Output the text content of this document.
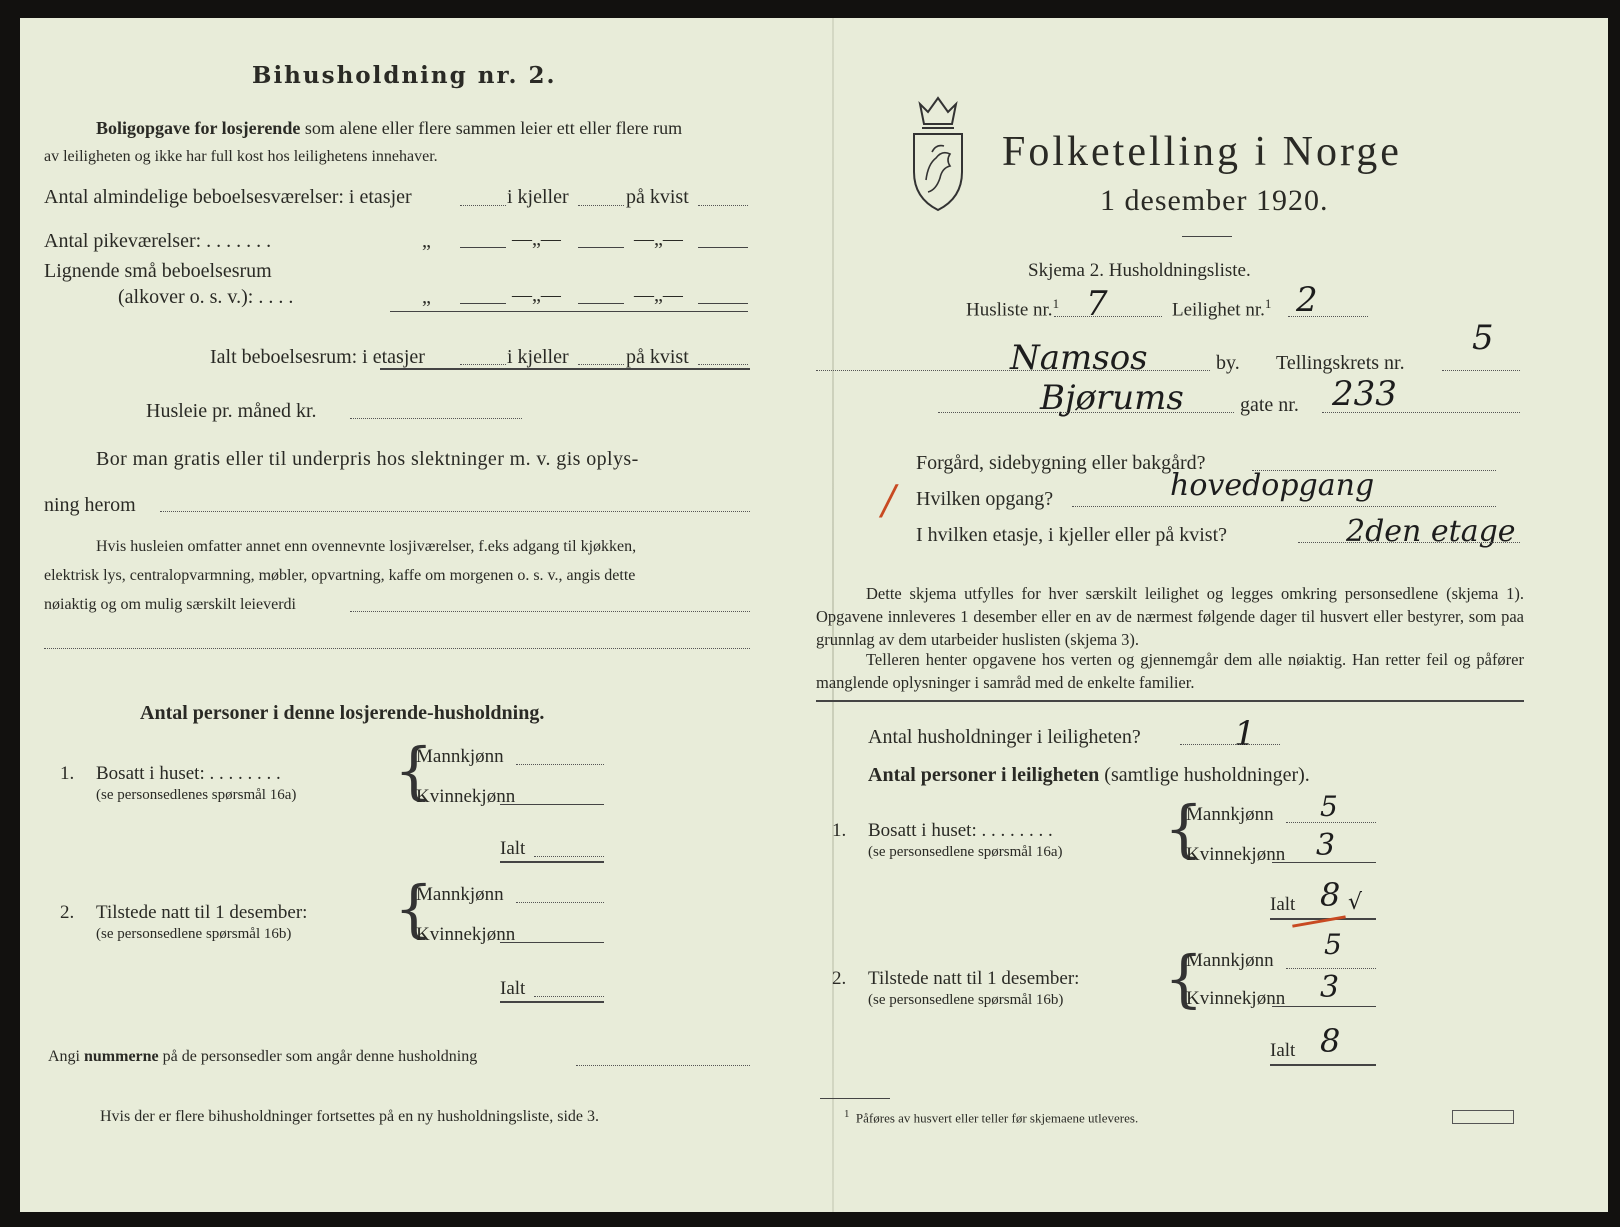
Bihusholdning nr. 2.
Boligopgave for losjerende som alene eller flere sammen leier ett eller flere rum
av leiligheten og ikke har full kost hos leilighetens innehaver.
Antal almindelige beboelsesværelser: i etasjer	i kjeller	på kvist
Antal pikeværelser: . . . . . . .	„	—„—	—„—
Lignende små beboelsesrum
(alkover o. s. v.): . . . .	„	—„—	—„—
Ialt beboelsesrum: i etasjer	i kjeller	på kvist
Husleie pr. måned kr.
Bor man gratis eller til underpris hos slektninger m. v. gis oplys-
ning herom
Hvis husleien omfatter annet enn ovennevnte losjiværelser, f.eks adgang til kjøkken,
elektrisk lys, centralopvarmning, møbler, opvartning, kaffe om morgenen o. s. v., angis dette
nøiaktig og om mulig særskilt leieverdi
Antal personer i denne losjerende-husholdning.
1. Bosatt i huset: . . . . . . . .
(se personsedlenes spørsmål 16a) {
Mannkjønn
Kvinnekjønn
Ialt
2. Tilstede natt til 1 desember:
(se personsedlene spørsmål 16b) {
Mannkjønn
Kvinnekjønn
Ialt
Angi nummerne på de personsedler som angår denne husholdning
Hvis der er flere bihusholdninger fortsettes på en ny husholdningsliste, side 3.
Folketelling i Norge
1 desember 1920.
Skjema 2. Husholdningsliste.
Husliste nr.$^1$ 7	Leilighet nr.$^1$ 2
Namsos	by. Tellingskrets nr.
5
Bjørums	gate nr. 233
Forgård, sidebygning eller bakgård?
/ Hvilken opgang?	hovedopgang
I hvilken etasje, i kjeller eller på kvist?	2den etage
Dette skjema utfylles for hver særskilt leilighet og legges omkring personsedlene (skjema 1). Opgavene innleveres 1 desember eller en av de nærmest følgende dager til husvert eller bestyrer, som paa grunnlag av dem utarbeider huslisten (skjema 3).
Telleren henter opgavene hos verten og gjennemgår dem alle nøiaktig. Han retter feil og påfører manglende oplysninger i samråd med de enkelte familier.
Antal husholdninger i leiligheten?	1
Antal personer i leiligheten (samtlige husholdninger).
1. Bosatt i huset: . . . . . . . .
(se personsedlene spørsmål 16a) {
Mannkjønn 5
Kvinnekjønn 3
Ialt 8 √
2. Tilstede natt til 1 desember:
(se personsedlene spørsmål 16b) {
Mannkjønn 5
Kvinnekjønn 3
Ialt 8
$^1$ Påføres av husvert eller teller før skjemaene utleveres.
